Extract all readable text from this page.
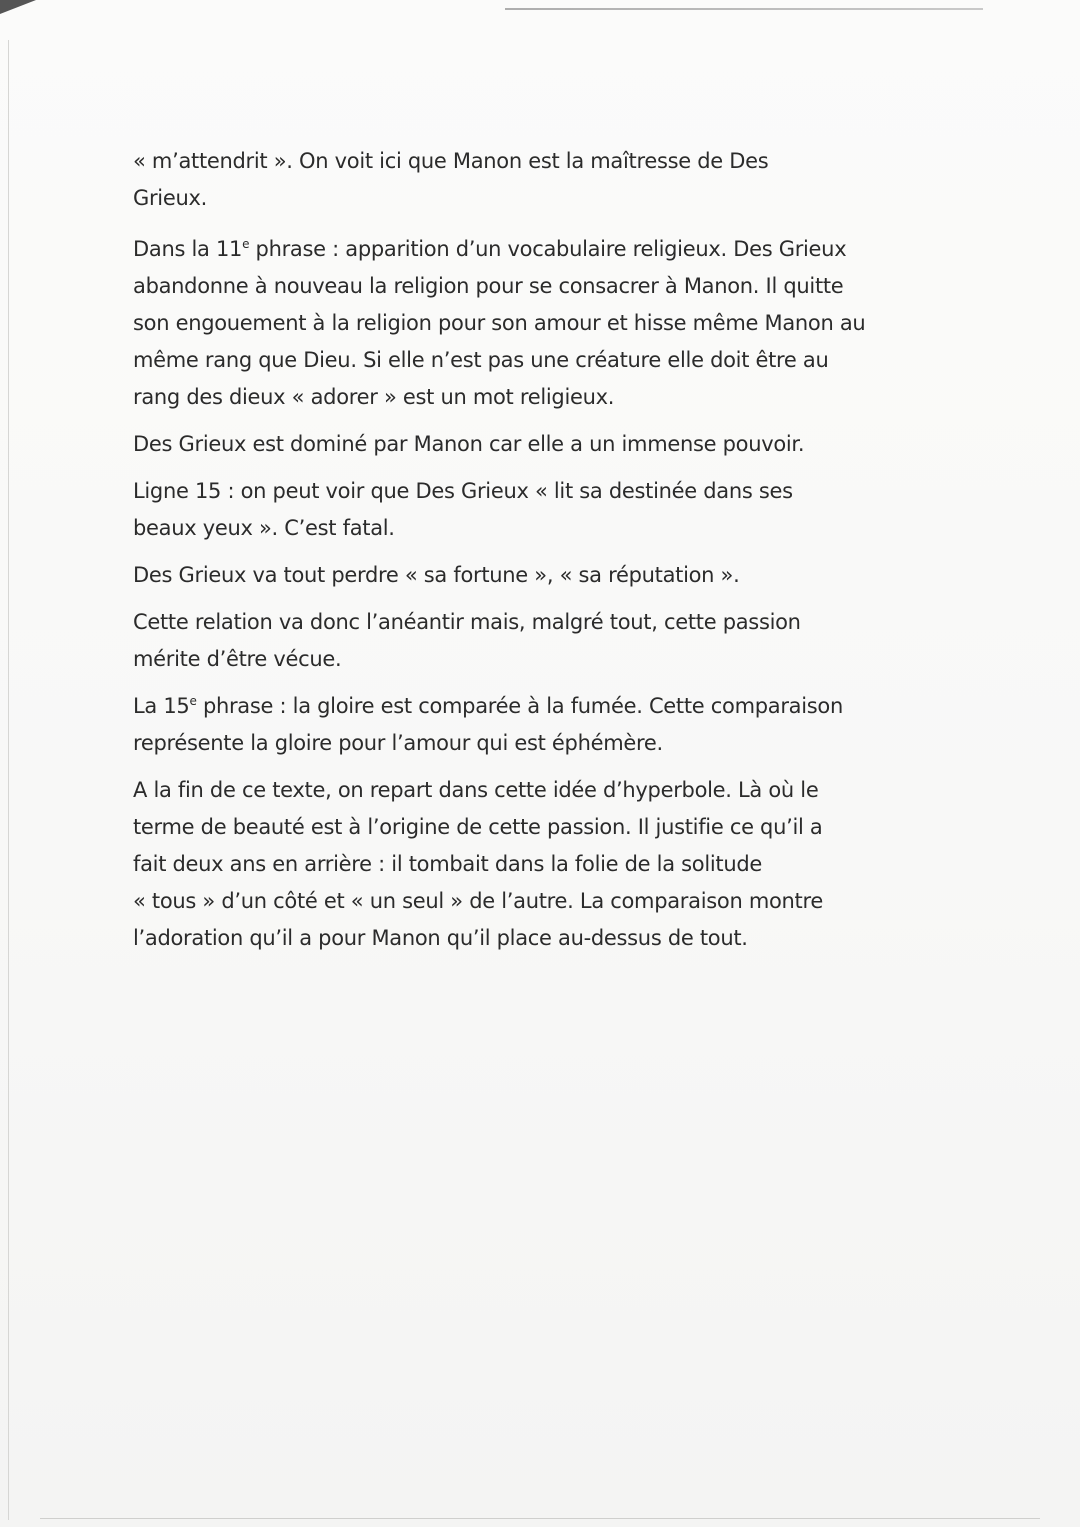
« m’attendrit ». On voit ici que Manon est la maîtresse de Des
Grieux.

Dans la 11e phrase : apparition d’un vocabulaire religieux. Des Grieux
abandonne à nouveau la religion pour se consacrer à Manon. Il quitte
son engouement à la religion pour son amour et hisse même Manon au
même rang que Dieu. Si elle n’est pas une créature elle doit être au
rang des dieux « adorer » est un mot religieux.

Des Grieux est dominé par Manon car elle a un immense pouvoir.

Ligne 15 : on peut voir que Des Grieux « lit sa destinée dans ses
beaux yeux ». C’est fatal.

Des Grieux va tout perdre « sa fortune », « sa réputation ».

Cette relation va donc l’anéantir mais, malgré tout, cette passion
mérite d’être vécue.

La 15e phrase : la gloire est comparée à la fumée. Cette comparaison
représente la gloire pour l’amour qui est éphémère.

A la fin de ce texte, on repart dans cette idée d’hyperbole. Là où le
terme de beauté est à l’origine de cette passion. Il justifie ce qu’il a
fait deux ans en arrière : il tombait dans la folie de la solitude
« tous » d’un côté et « un seul » de l’autre. La comparaison montre
l’adoration qu’il a pour Manon qu’il place au-dessus de tout.
